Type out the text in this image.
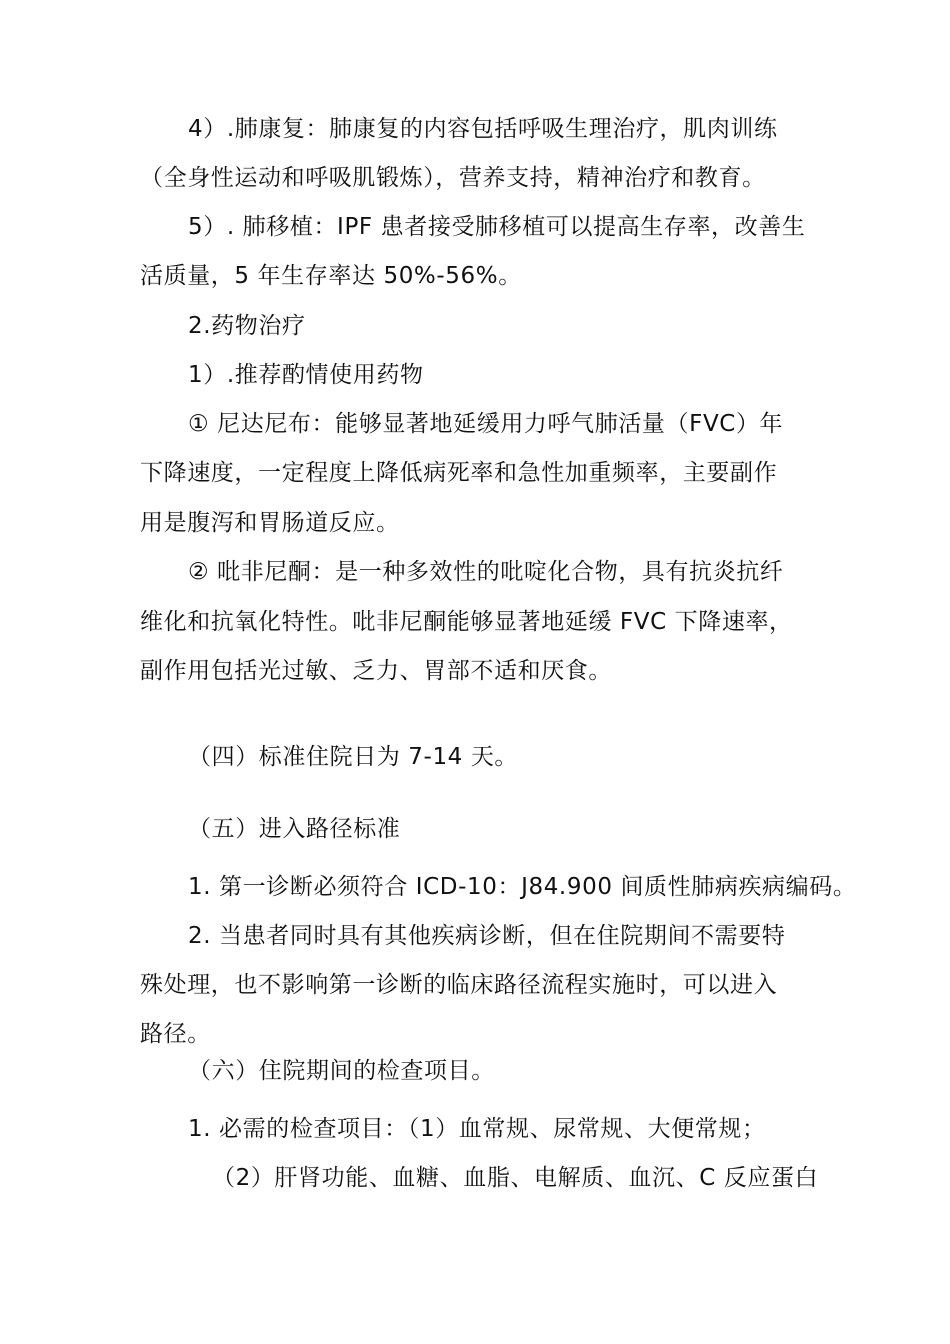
4）.肺康复：肺康复的内容包括呼吸生理治疗，肌肉训练
（全身性运动和呼吸肌锻炼），营养支持，精神治疗和教育。
5）. 肺移植：IPF 患者接受肺移植可以提高生存率，改善生
活质量，5 年生存率达 50%-56%。
2.药物治疗
1）.推荐酌情使用药物
① 尼达尼布：能够显著地延缓用力呼气肺活量（FVC）年
下降速度，一定程度上降低病死率和急性加重频率，主要副作
用是腹泻和胃肠道反应。
② 吡非尼酮：是一种多效性的吡啶化合物，具有抗炎抗纤
维化和抗氧化特性。吡非尼酮能够显著地延缓 FVC 下降速率，
副作用包括光过敏、乏力、胃部不适和厌食。
（四）标准住院日为 7-14 天。
（五）进入路径标准
1. 第一诊断必须符合 ICD-10：J84.900 间质性肺病疾病编码。
2. 当患者同时具有其他疾病诊断，但在住院期间不需要特
殊处理，也不影响第一诊断的临床路径流程实施时，可以进入
路径。
（六）住院期间的检查项目。
1. 必需的检查项目：（1）血常规、尿常规、大便常规；
（2）肝肾功能、血糖、血脂、电解质、血沉、C 反应蛋白
